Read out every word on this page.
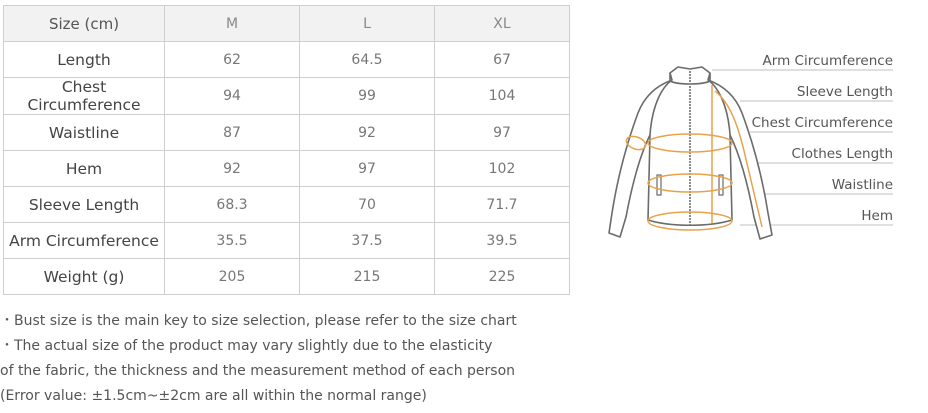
Size (cm)	M	L	XL
Length	62	64.5	67
Chest Circumference	94	99	104
Waistline	87	92	97
Hem	92	97	102
Sleeve Length	68.3	70	71.7
Arm Circumference	35.5	37.5	39.5
Weight (g)	205	215	225
・Bust size is the main key to size selection, please refer to the size chart
・The actual size of the product may vary slightly due to the elasticity
of the fabric, the thickness and the measurement method of each person
(Error value: ±1.5cm~±2cm are all within the normal range)
Arm Circumference
Sleeve Length
Chest Circumference
Clothes Length
Waistline
Hem
